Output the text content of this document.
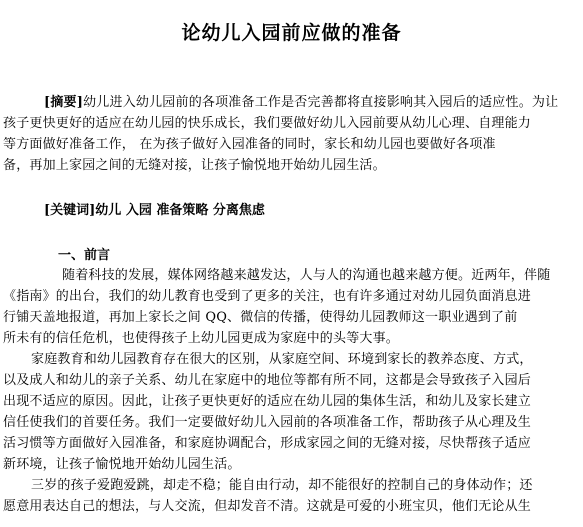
论幼儿入园前应做的准备
[摘要]幼儿进入幼儿园前的各项准备工作是否完善都将直接影响其入园后的适应性。为让
孩子更快更好的适应在幼儿园的快乐成长，我们要做好幼儿入园前要从幼儿心理、自理能力
等方面做好准备工作， 在为孩子做好入园准备的同时，家长和幼儿园也要做好各项准
备，再加上家园之间的无缝对接，让孩子愉悦地开始幼儿园生活。
[关键词]幼儿 入园 准备策略 分离焦虑
一、前言
随着科技的发展，媒体网络越来越发达，人与人的沟通也越来越方便。近两年，伴随
《指南》的出台，我们的幼儿教育也受到了更多的关注，也有许多通过对幼儿园负面消息进
行铺天盖地报道，再加上家长之间 QQ、微信的传播，使得幼儿园教师这一职业遇到了前
所未有的信任危机，也使得孩子上幼儿园更成为家庭中的头等大事。
家庭教育和幼儿园教育存在很大的区别，从家庭空间、环境到家长的教养态度、方式，
以及成人和幼儿的亲子关系、幼儿在家庭中的地位等都有所不同，这都是会导致孩子入园后
出现不适应的原因。因此，让孩子更快更好的适应在幼儿园的集体生活，和幼儿及家长建立
信任使我们的首要任务。我们一定要做好幼儿入园前的各项准备工作，帮助孩子从心理及生
活习惯等方面做好入园准备，和家庭协调配合，形成家园之间的无缝对接，尽快帮孩子适应
新环境，让孩子愉悦地开始幼儿园生活。
三岁的孩子爱跑爱跳，却走不稳；能自由行动，却不能很好的控制自己的身体动作；还
愿意用表达自己的想法，与人交流，但却发音不清。这就是可爱的小班宝贝，他们无论从生
